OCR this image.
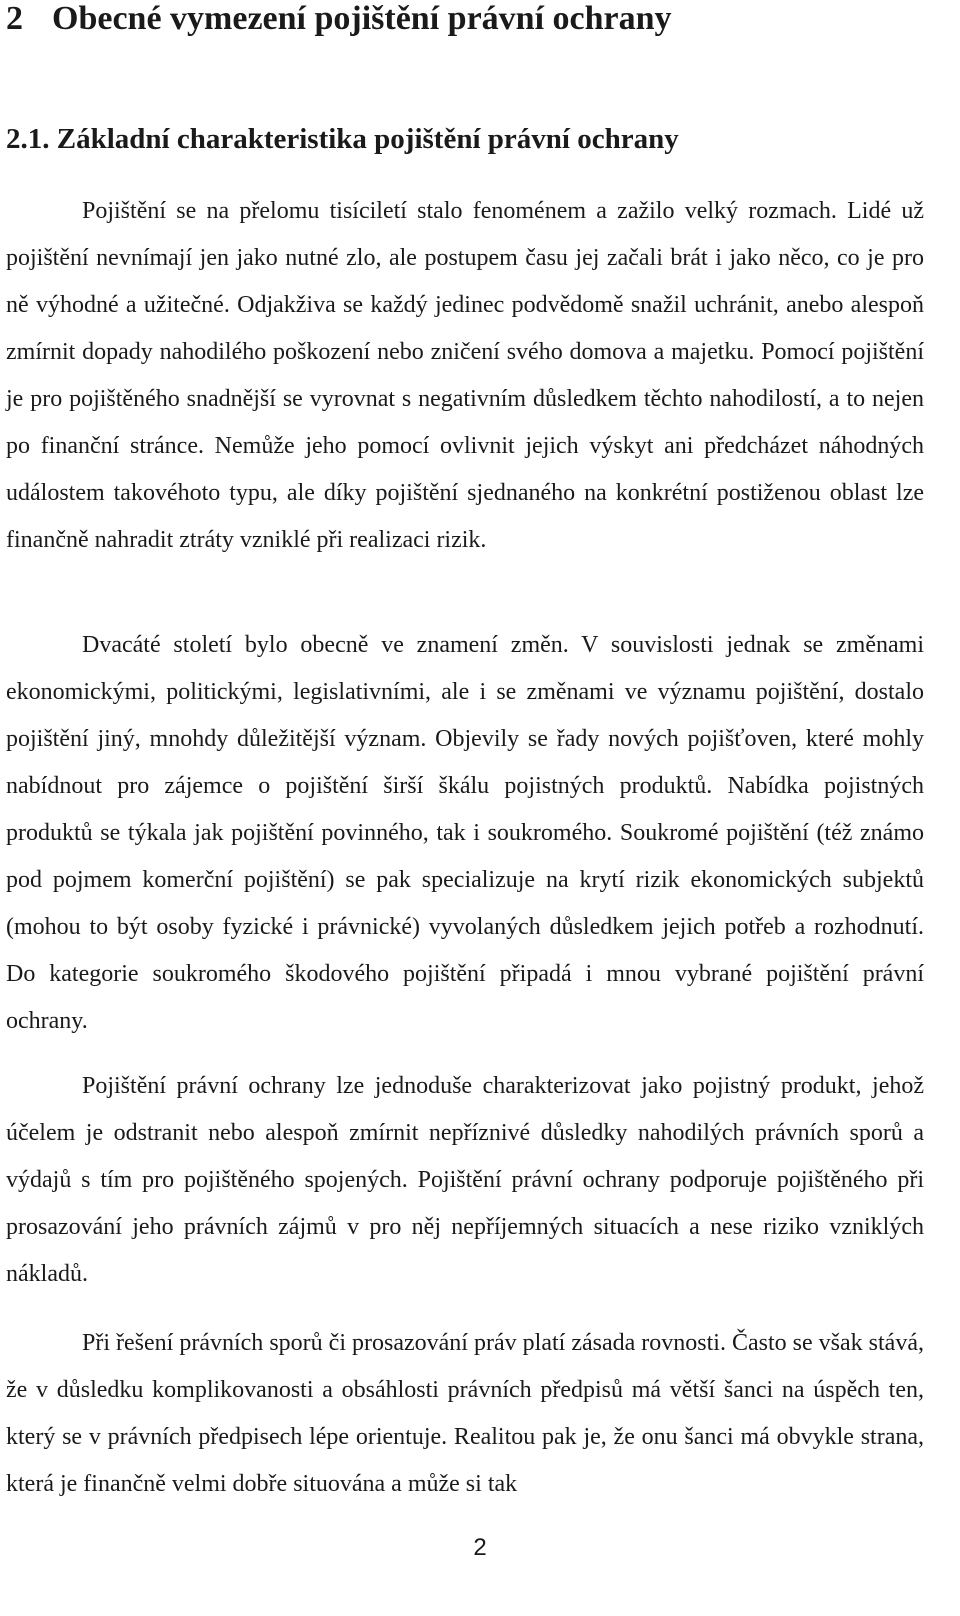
2 Obecné vymezení pojištění právní ochrany
2.1. Základní charakteristika pojištění právní ochrany

Pojištění se na přelomu tisíciletí stalo fenoménem a zažilo velký rozmach. Lidé už pojištění nevnímají jen jako nutné zlo, ale postupem času jej začali brát i jako něco, co je pro ně výhodné a užitečné. Odjakživa se každý jedinec podvědomě snažil uchránit, anebo alespoň zmírnit dopady nahodilého poškození nebo zničení svého domova a majetku. Pomocí pojištění je pro pojištěného snadnější se vyrovnat s negativním důsledkem těchto nahodilostí, a to nejen po finanční stránce. Nemůže jeho pomocí ovlivnit jejich výskyt ani předcházet náhodných událostem takovéhoto typu, ale díky pojištění sjednaného na konkrétní postiženou oblast lze finančně nahradit ztráty vzniklé při realizaci rizik.

Dvacáté století bylo obecně ve znamení změn. V souvislosti jednak se změnami ekonomickými, politickými, legislativními, ale i se změnami ve významu pojištění, dostalo pojištění jiný, mnohdy důležitější význam. Objevily se řady nových pojišťoven, které mohly nabídnout pro zájemce o pojištění širší škálu pojistných produktů. Nabídka pojistných produktů se týkala jak pojištění povinného, tak i soukromého. Soukromé pojištění (též známo pod pojmem komerční pojištění) se pak specializuje na krytí rizik ekonomických subjektů (mohou to být osoby fyzické i právnické) vyvolaných důsledkem jejich potřeb a rozhodnutí. Do kategorie soukromého škodového pojištění připadá i mnou vybrané pojištění právní ochrany.

Pojištění právní ochrany lze jednoduše charakterizovat jako pojistný produkt, jehož účelem je odstranit nebo alespoň zmírnit nepříznivé důsledky nahodilých právních sporů a výdajů s tím pro pojištěného spojených. Pojištění právní ochrany podporuje pojištěného při prosazování jeho právních zájmů v pro něj nepříjemných situacích a nese riziko vzniklých nákladů.

Při řešení právních sporů či prosazování práv platí zásada rovnosti. Často se však stává, že v důsledku komplikovanosti a obsáhlosti právních předpisů má větší šanci na úspěch ten, který se v právních předpisech lépe orientuje. Realitou pak je, že onu šanci má obvykle strana, která je finančně velmi dobře situována a může si tak

2
